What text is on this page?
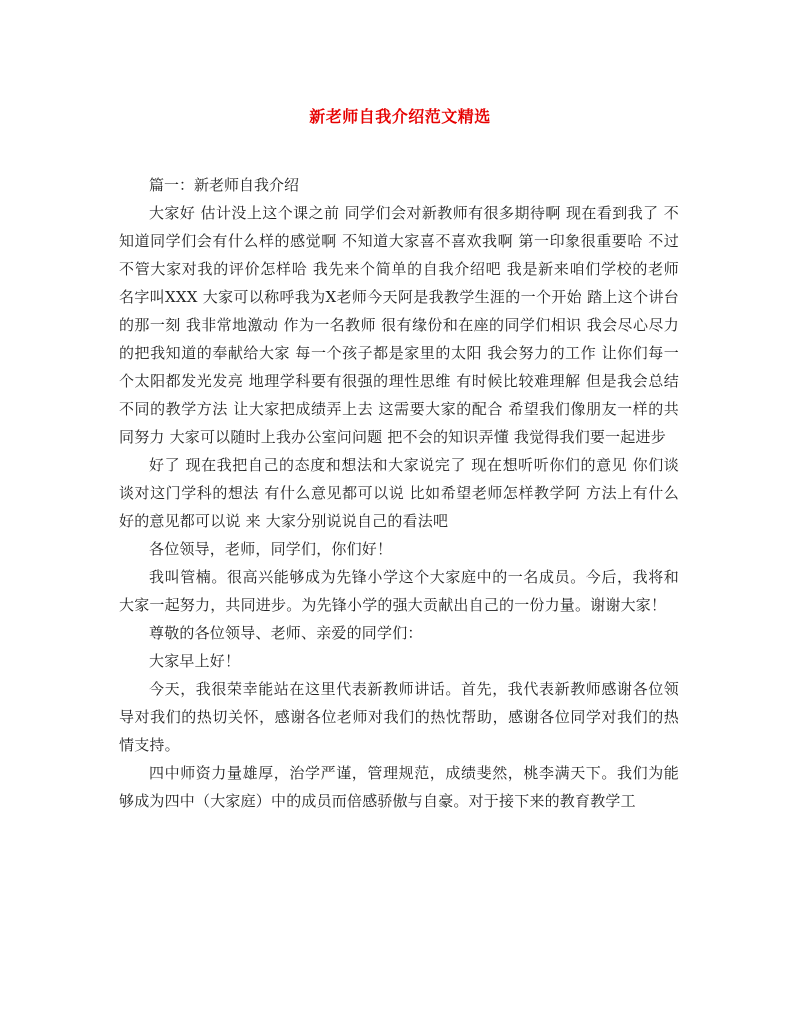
新老师自我介绍范文精选

篇一：新老师自我介绍

大家好 估计没上这个课之前 同学们会对新教师有很多期待啊 现在看到我了 不知道同学们会有什么样的感觉啊 不知道大家喜不喜欢我啊 第一印象很重要哈 不过不管大家对我的评价怎样哈 我先来个简单的自我介绍吧 我是新来咱们学校的老师 名字叫XXX 大家可以称呼我为X老师今天阿是我教学生涯的一个开始 踏上这个讲台的那一刻 我非常地激动 作为一名教师 很有缘份和在座的同学们相识 我会尽心尽力的把我知道的奉献给大家 每一个孩子都是家里的太阳 我会努力的工作 让你们每一个太阳都发光发亮 地理学科要有很强的理性思维 有时候比较难理解 但是我会总结不同的教学方法 让大家把成绩弄上去 这需要大家的配合 希望我们像朋友一样的共同努力 大家可以随时上我办公室问问题 把不会的知识弄懂 我觉得我们要一起进步

好了 现在我把自己的态度和想法和大家说完了 现在想听听你们的意见 你们谈谈对这门学科的想法 有什么意见都可以说 比如希望老师怎样教学阿 方法上有什么好的意见都可以说 来 大家分别说说自己的看法吧

各位领导，老师，同学们，你们好！

我叫管楠。很高兴能够成为先锋小学这个大家庭中的一名成员。今后，我将和大家一起努力，共同进步。为先锋小学的强大贡献出自己的一份力量。谢谢大家！

尊敬的各位领导、老师、亲爱的同学们：

大家早上好！

今天，我很荣幸能站在这里代表新教师讲话。首先，我代表新教师感谢各位领导对我们的热切关怀，感谢各位老师对我们的热忱帮助，感谢各位同学对我们的热情支持。

四中师资力量雄厚，治学严谨，管理规范，成绩斐然，桃李满天下。我们为能够成为四中（大家庭）中的成员而倍感骄傲与自豪。对于接下来的教育教学工
